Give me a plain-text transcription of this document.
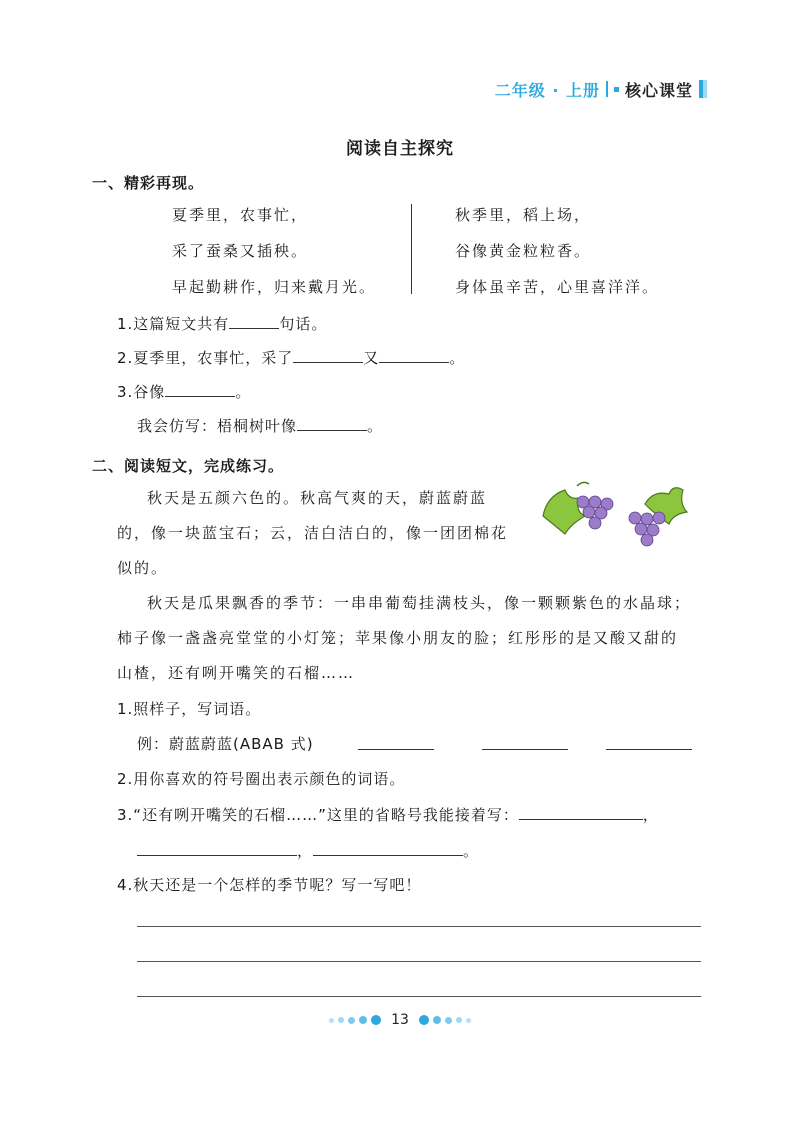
二年级 · 上册 核心课堂
阅读自主探究
一、精彩再现。
夏季里，农事忙，
采了蚕桑又插秧。
早起勤耕作，归来戴月光。
秋季里，稻上场，
谷像黄金粒粒香。
身体虽辛苦，心里喜洋洋。
1.这篇短文共有	句话。
2.夏季里，农事忙，采了	又	。
3.谷像	。
我会仿写：梧桐树叶像	。
二、阅读短文，完成练习。
秋天是五颜六色的。秋高气爽的天，蔚蓝蔚蓝
的，像一块蓝宝石；云，洁白洁白的，像一团团棉花
似的。
秋天是瓜果飘香的季节：一串串葡萄挂满枝头，像一颗颗紫色的水晶球；
柿子像一盏盏亮堂堂的小灯笼；苹果像小朋友的脸；红彤彤的是又酸又甜的
山楂，还有咧开嘴笑的石榴……
1.照样子，写词语。
例：蔚蓝蔚蓝(ABAB 式)
2.用你喜欢的符号圈出表示颜色的词语。
3.“还有咧开嘴笑的石榴……”这里的省略号我能接着写：	，
，	。
4.秋天还是一个怎样的季节呢？写一写吧！
13
